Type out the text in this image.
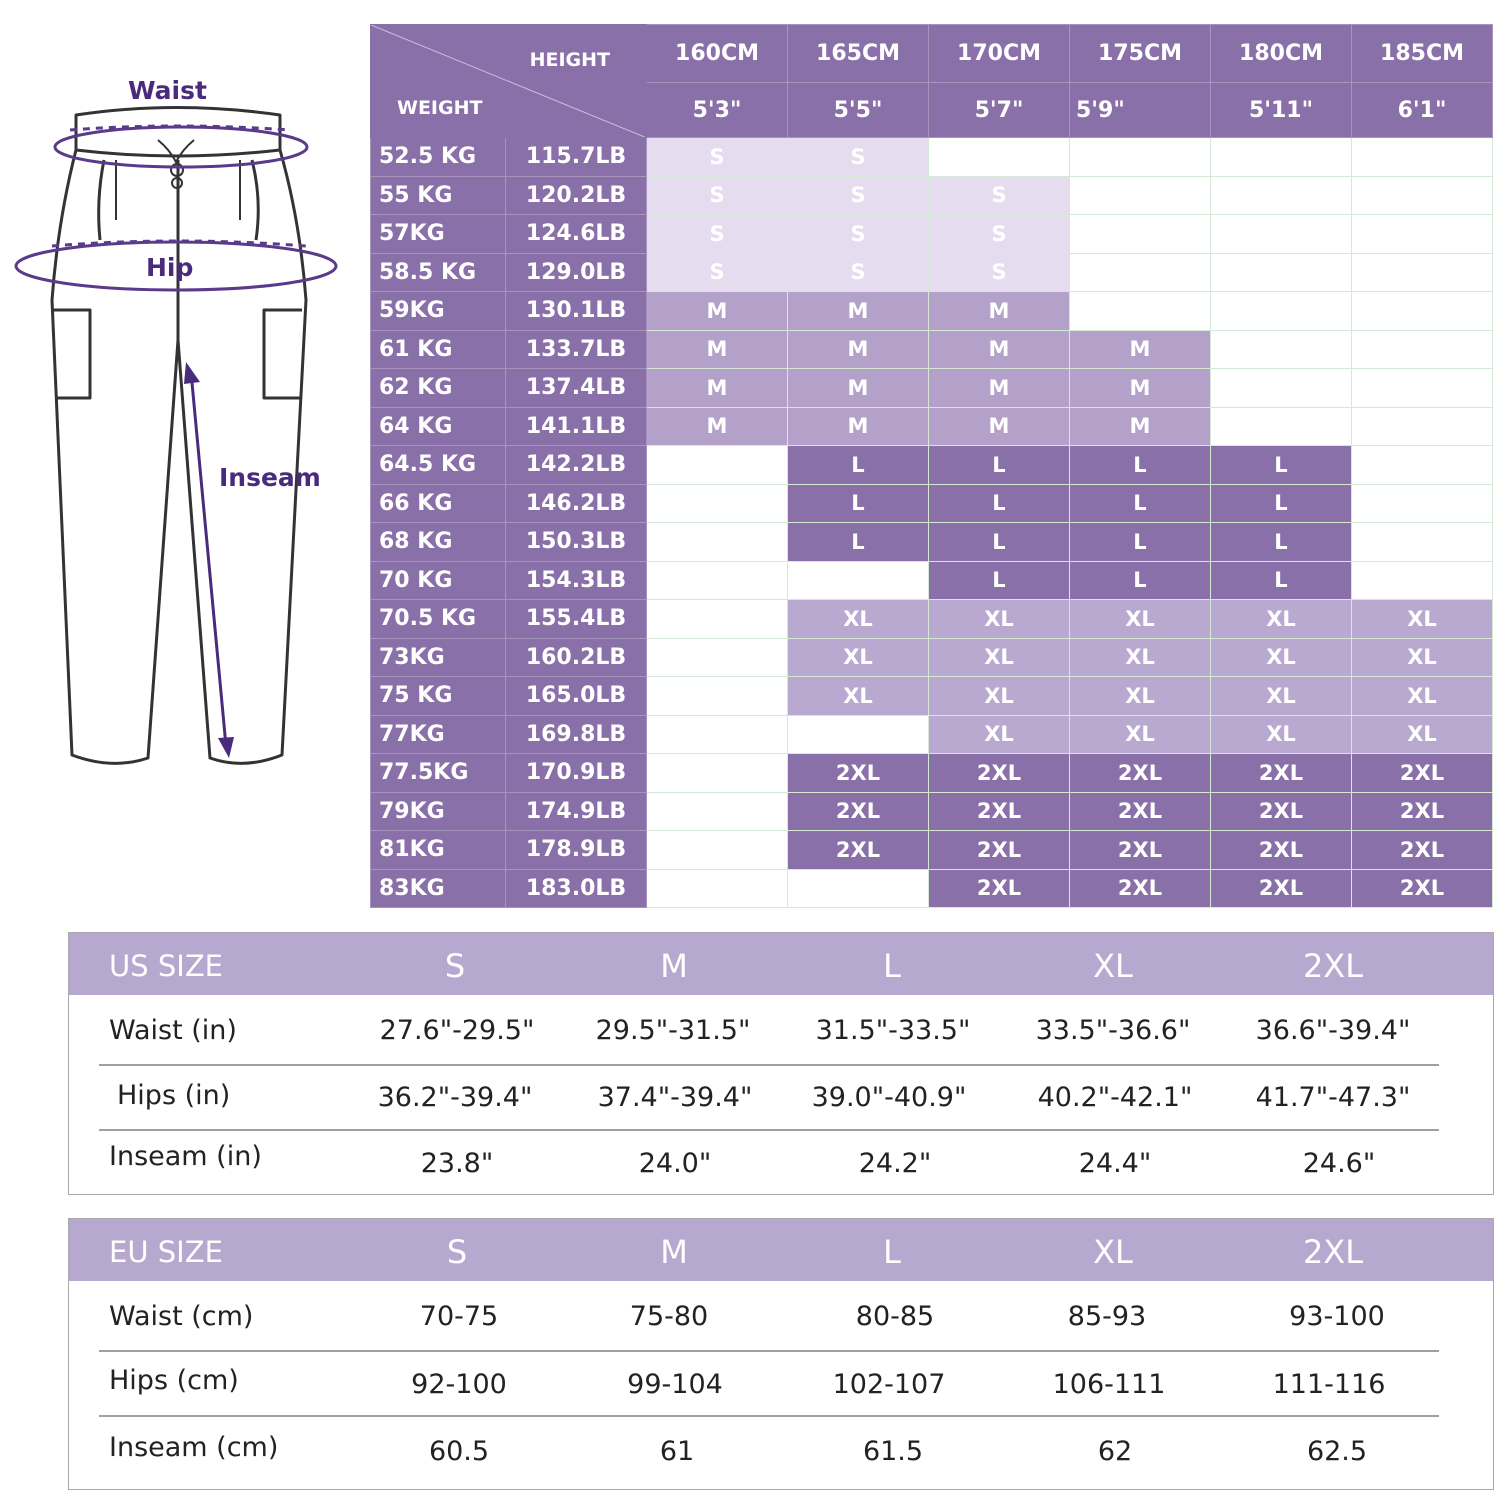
Waist
Hip
Inseam
HEIGHT
WEIGHT		160CM	165CM	170CM	175CM	180CM	185CM
		5'3"	5'5"	5'7"	5'9"	5'11"	6'1"
52.5 KG	115.7LB	S	S				
55 KG	120.2LB	S	S	S			
57KG	124.6LB	S	S	S			
58.5 KG	129.0LB	S	S	S			
59KG	130.1LB	M	M	M			
61 KG	133.7LB	M	M	M	M		
62 KG	137.4LB	M	M	M	M		
64 KG	141.1LB	M	M	M	M		
64.5 KG	142.2LB		L	L	L	L	
66 KG	146.2LB		L	L	L	L	
68 KG	150.3LB		L	L	L	L	
70 KG	154.3LB			L	L	L	
70.5 KG	155.4LB		XL	XL	XL	XL	XL
73KG	160.2LB		XL	XL	XL	XL	XL
75 KG	165.0LB		XL	XL	XL	XL	XL
77KG	169.8LB			XL	XL	XL	XL
77.5KG	170.9LB		2XL	2XL	2XL	2XL	2XL
79KG	174.9LB		2XL	2XL	2XL	2XL	2XL
81KG	178.9LB		2XL	2XL	2XL	2XL	2XL
83KG	183.0LB			2XL	2XL	2XL	2XL
US SIZE	S	M	L	XL	2XL
Waist (in)	27.6"-29.5" 29.5"-31.5" 31.5"-33.5" 33.5"-36.6" 36.6"-39.4"
Hips (in)	36.2"-39.4" 37.4"-39.4" 39.0"-40.9"	40.2"-42.1" 41.7"-47.3"
Inseam (in)	23.8"	24.0"	24.2"	24.4"	24.6"
EU SIZE	S	M	L	XL	2XL
Waist (cm)	70-75	75-80	80-85	85-93	93-100
Hips (cm)	92-100	99-104	102-107	106-111	111-116
Inseam (cm)	60.5	61	61.5	62	62.5
